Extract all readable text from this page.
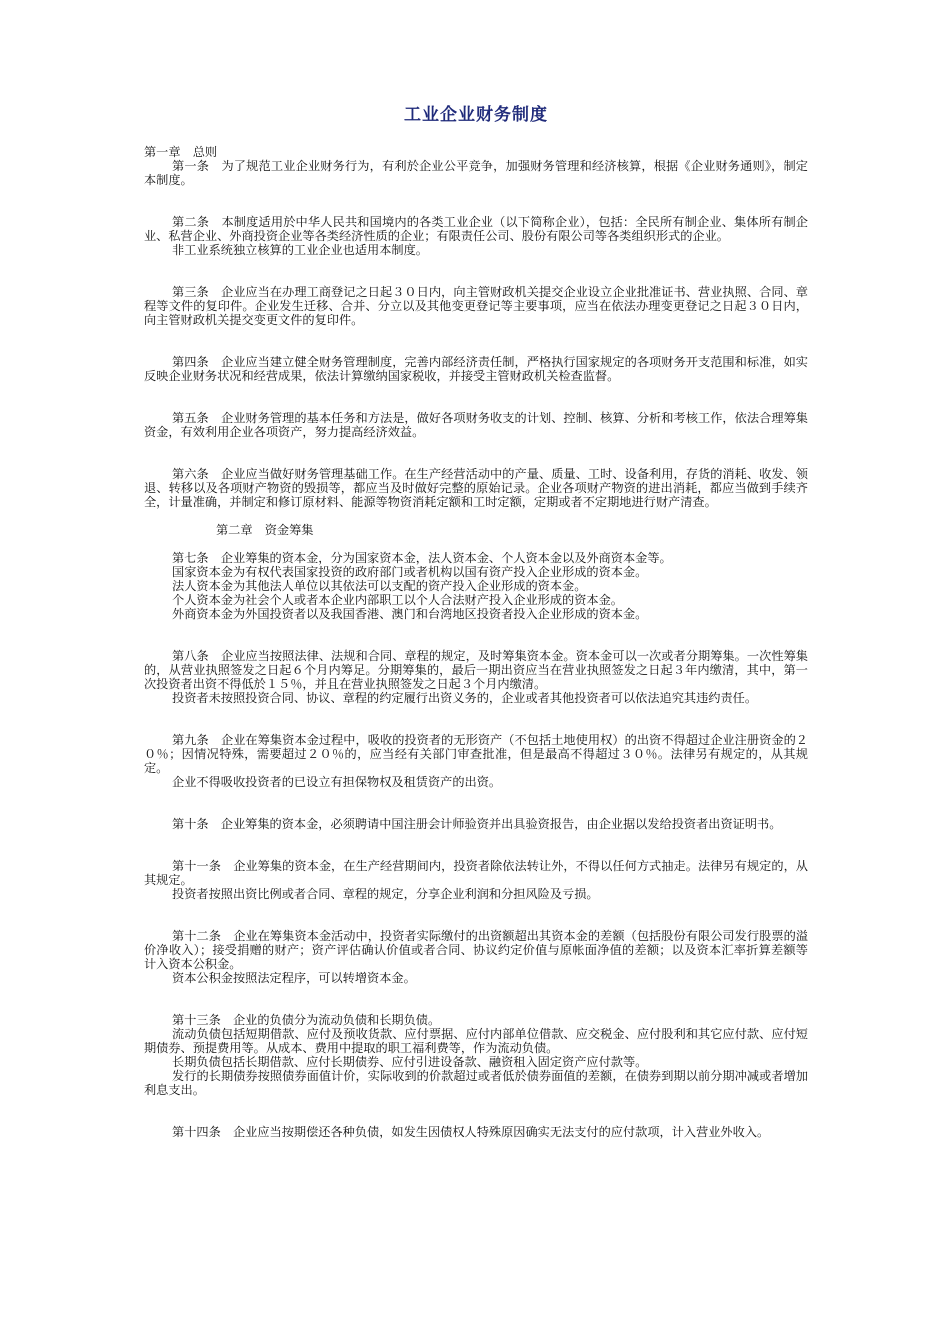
工业企业财务制度

第一章　总则

第一条　为了规范工业企业财务行为，有利於企业公平竞争，加强财务管理和经济核算，根据《企业财务通则》，制定本制度。

第二条　本制度适用於中华人民共和国境内的各类工业企业（以下简称企业），包括：全民所有制企业、集体所有制企业、私营企业、外商投资企业等各类经济性质的企业；有限责任公司、股份有限公司等各类组织形式的企业。

非工业系统独立核算的工业企业也适用本制度。

第三条　企业应当在办理工商登记之日起３０日内，向主管财政机关提交企业设立企业批准证书、营业执照、合同、章程等文件的复印件。企业发生迁移、合并、分立以及其他变更登记等主要事项，应当在依法办理变更登记之日起３０日内，向主管财政机关提交变更文件的复印件。

第四条　企业应当建立健全财务管理制度，完善内部经济责任制，严格执行国家规定的各项财务开支范围和标准，如实反映企业财务状况和经营成果，依法计算缴纳国家税收，并接受主管财政机关检查监督。

第五条　企业财务管理的基本任务和方法是，做好各项财务收支的计划、控制、核算、分析和考核工作，依法合理筹集资金，有效利用企业各项资产，努力提高经济效益。

第六条　企业应当做好财务管理基础工作。在生产经营活动中的产量、质量、工时、设备利用，存货的消耗、收发、领退、转移以及各项财产物资的毁损等，都应当及时做好完整的原始记录。企业各项财产物资的进出消耗，都应当做到手续齐全，计量准确，并制定和修订原材料、能源等物资消耗定额和工时定额，定期或者不定期地进行财产清查。

第二章　资金筹集

第七条　企业筹集的资本金，分为国家资本金，法人资本金、个人资本金以及外商资本金等。

国家资本金为有权代表国家投资的政府部门或者机构以国有资产投入企业形成的资本金。

法人资本金为其他法人单位以其依法可以支配的资产投入企业形成的资本金。

个人资本金为社会个人或者本企业内部职工以个人合法财产投入企业形成的资本金。

外商资本金为外国投资者以及我国香港、澳门和台湾地区投资者投入企业形成的资本金。

第八条　企业应当按照法律、法规和合同、章程的规定，及时筹集资本金。资本金可以一次或者分期筹集。一次性筹集的，从营业执照签发之日起６个月内筹足。分期筹集的，最后一期出资应当在营业执照签发之日起３年内缴清，其中，第一次投资者出资不得低於１５％，并且在营业执照签发之日起３个月内缴清。

投资者未按照投资合同、协议、章程的约定履行出资义务的，企业或者其他投资者可以依法追究其违约责任。

第九条　企业在筹集资本金过程中，吸收的投资者的无形资产（不包括土地使用权）的出资不得超过企业注册资金的２０％；因情况特殊，需要超过２０％的，应当经有关部门审查批准，但是最高不得超过３０％。法律另有规定的，从其规定。

企业不得吸收投资者的已设立有担保物权及租赁资产的出资。

第十条　企业筹集的资本金，必须聘请中国注册会计师验资并出具验资报告，由企业据以发给投资者出资证明书。

第十一条　企业筹集的资本金，在生产经营期间内，投资者除依法转让外，不得以任何方式抽走。法律另有规定的，从其规定。

投资者按照出资比例或者合同、章程的规定，分享企业利润和分担风险及亏损。

第十二条　企业在筹集资本金活动中，投资者实际缴付的出资额超出其资本金的差额（包括股份有限公司发行股票的溢价净收入）；接受捐赠的财产；资产评估确认价值或者合同、协议约定价值与原帐面净值的差额；以及资本汇率折算差额等计入资本公积金。

资本公积金按照法定程序，可以转增资本金。

第十三条　企业的负债分为流动负债和长期负债。

流动负债包括短期借款、应付及预收货款、应付票据、应付内部单位借款、应交税金、应付股利和其它应付款、应付短期债券、预提费用等。从成本、费用中提取的职工福利费等，作为流动负债。

长期负债包括长期借款、应付长期债券、应付引进设备款、融资租入固定资产应付款等。

发行的长期债券按照债券面值计价，实际收到的价款超过或者低於债券面值的差额，在债券到期以前分期冲减或者增加利息支出。

第十四条　企业应当按期偿还各种负债，如发生因债权人特殊原因确实无法支付的应付款项，计入营业外收入。
